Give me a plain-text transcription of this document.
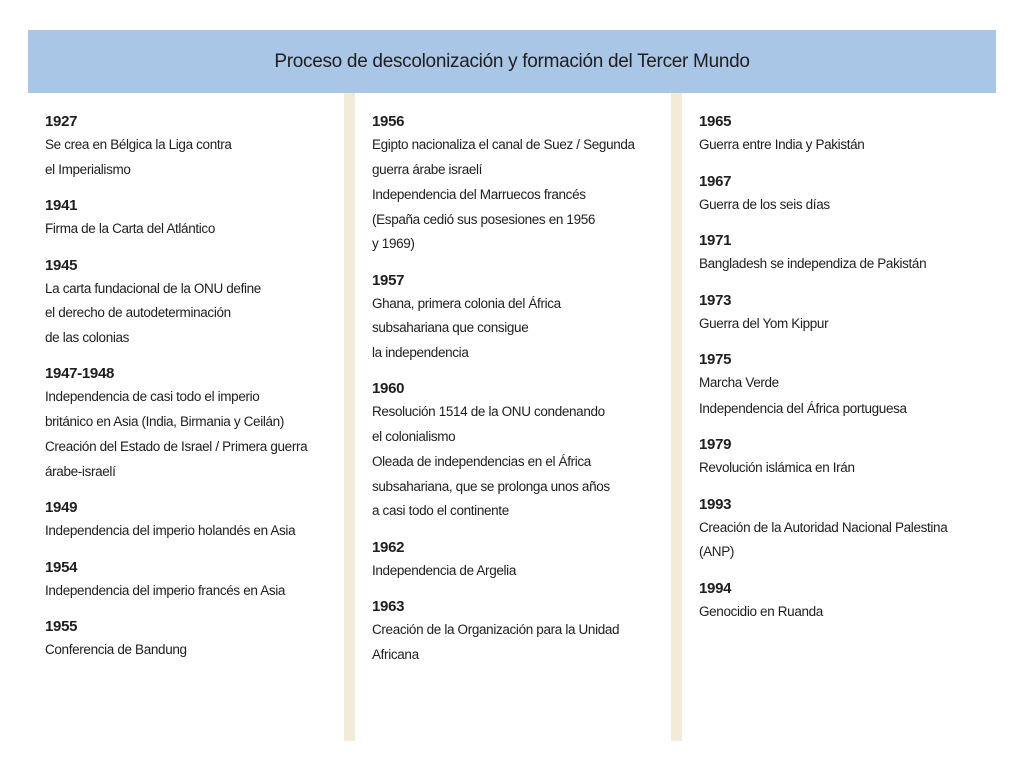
Proceso de descolonización y formación del Tercer Mundo
1927
Se crea en Bélgica la Liga contra
el Imperialismo
1941
Firma de la Carta del Atlántico
1945
La carta fundacional de la ONU define
el derecho de autodeterminación
de las colonias
1947-1948
Independencia de casi todo el imperio
británico en Asia (India, Birmania y Ceilán)
Creación del Estado de Israel / Primera guerra
árabe-israelí
1949
Independencia del imperio holandés en Asia
1954
Independencia del imperio francés en Asia
1955
Conferencia de Bandung
1956
Egipto nacionaliza el canal de Suez / Segunda
guerra árabe israelí
Independencia del Marruecos francés
(España cedió sus posesiones en 1956
y 1969)
1957
Ghana, primera colonia del África
subsahariana que consigue
la independencia
1960
Resolución 1514 de la ONU condenando
el colonialismo
Oleada de independencias en el África
subsahariana, que se prolonga unos años
a casi todo el continente
1962
Independencia de Argelia
1963
Creación de la Organización para la Unidad
Africana
1965
Guerra entre India y Pakistán
1967
Guerra de los seis días
1971
Bangladesh se independiza de Pakistán
1973
Guerra del Yom Kippur
1975
Marcha Verde
Independencia del África portuguesa
1979
Revolución islámica en Irán
1993
Creación de la Autoridad Nacional Palestina
(ANP)
1994
Genocidio en Ruanda
